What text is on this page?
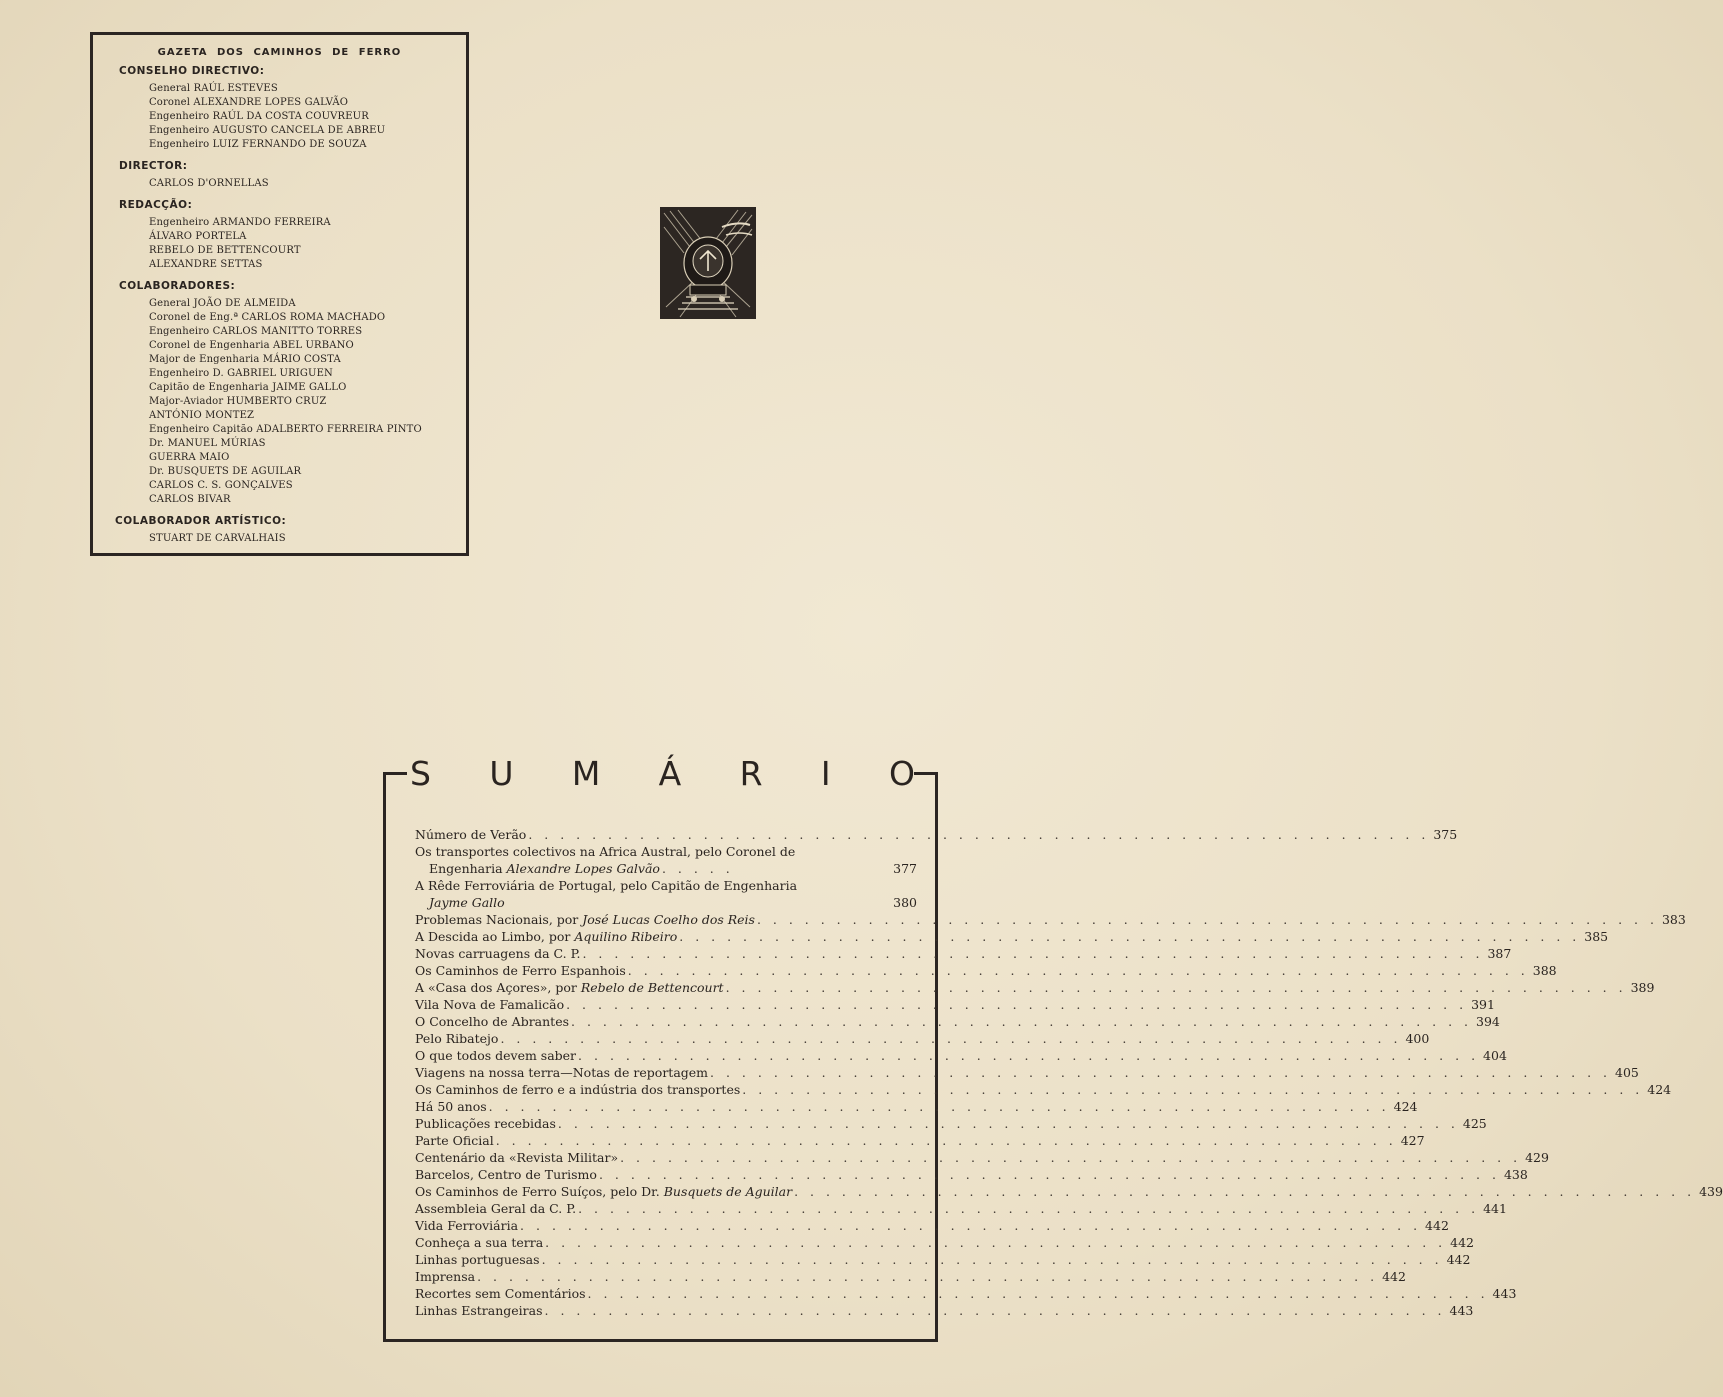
GAZETA DOS CAMINHOS DE FERRO
CONSELHO DIRECTIVO:
General RAÚL ESTEVES
Coronel ALEXANDRE LOPES GALVÃO
Engenheiro RAÚL DA COSTA COUVREUR
Engenheiro AUGUSTO CANCELA DE ABREU
Engenheiro LUIZ FERNANDO DE SOUZA
DIRECTOR:
CARLOS D'ORNELLAS
REDACÇÃO:
Engenheiro ARMANDO FERREIRA
ÁLVARO PORTELA
REBELO DE BETTENCOURT
ALEXANDRE SETTAS
COLABORADORES:
General JOÃO DE ALMEIDA
Coronel de Eng.ª CARLOS ROMA MACHADO
Engenheiro CARLOS MANITTO TORRES
Coronel de Engenharia ABEL URBANO
Major de Engenharia MÁRIO COSTA
Engenheiro D. GABRIEL URIGUEN
Capitão de Engenharia JAIME GALLO
Major-Aviador HUMBERTO CRUZ
ANTÓNIO MONTEZ
Engenheiro Capitão ADALBERTO FERREIRA PINTO
Dr. MANUEL MÚRIAS
GUERRA MAIO
Dr. BUSQUETS DE AGUILAR
CARLOS C. S. GONÇALVES
CARLOS BIVAR
COLABORADOR ARTÍSTICO:
STUART DE CARVALHAIS
S U M Á R I O
Número de Verão . . . . . . . . . . . . . . . . . . . . . . . . . . . . . . . . . . . . . . . . . . . . . . . . . . . . . . . . . 375
Os transportes colectivos na Africa Austral, pelo Coronel de
Engenharia Alexandre Lopes Galvão . . . . .	377
A Rêde Ferroviária de Portugal, pelo Capitão de Engenharia
Jayme Gallo	380
Problemas Nacionais, por José Lucas Coelho dos Reis . . . . . . . . . . . . . . . . . . . . . . . . . . . . . . . . . . . . . . . . . . . . . . . . . . . . . . . . . 383
A Descida ao Limbo, por Aquilino Ribeiro . . . . . . . . . . . . . . . . . . . . . . . . . . . . . . . . . . . . . . . . . . . . . . . . . . . . . . . . . 385
Novas carruagens da C. P. . . . . . . . . . . . . . . . . . . . . . . . . . . . . . . . . . . . . . . . . . . . . . . . . . . . . . . . . . 387
Os Caminhos de Ferro Espanhois . . . . . . . . . . . . . . . . . . . . . . . . . . . . . . . . . . . . . . . . . . . . . . . . . . . . . . . . . 388
A «Casa dos Açores», por Rebelo de Bettencourt . . . . . . . . . . . . . . . . . . . . . . . . . . . . . . . . . . . . . . . . . . . . . . . . . . . . . . . . . 389
Vila Nova de Famalicão . . . . . . . . . . . . . . . . . . . . . . . . . . . . . . . . . . . . . . . . . . . . . . . . . . . . . . . . . 391
O Concelho de Abrantes . . . . . . . . . . . . . . . . . . . . . . . . . . . . . . . . . . . . . . . . . . . . . . . . . . . . . . . . . 394
Pelo Ribatejo . . . . . . . . . . . . . . . . . . . . . . . . . . . . . . . . . . . . . . . . . . . . . . . . . . . . . . . . . 400
O que todos devem saber . . . . . . . . . . . . . . . . . . . . . . . . . . . . . . . . . . . . . . . . . . . . . . . . . . . . . . . . . 404
Viagens na nossa terra—Notas de reportagem . . . . . . . . . . . . . . . . . . . . . . . . . . . . . . . . . . . . . . . . . . . . . . . . . . . . . . . . . 405
Os Caminhos de ferro e a indústria dos transportes . . . . . . . . . . . . . . . . . . . . . . . . . . . . . . . . . . . . . . . . . . . . . . . . . . . . . . . . . 424
Há 50 anos . . . . . . . . . . . . . . . . . . . . . . . . . . . . . . . . . . . . . . . . . . . . . . . . . . . . . . . . . 424
Publicações recebidas . . . . . . . . . . . . . . . . . . . . . . . . . . . . . . . . . . . . . . . . . . . . . . . . . . . . . . . . . 425
Parte Oficial . . . . . . . . . . . . . . . . . . . . . . . . . . . . . . . . . . . . . . . . . . . . . . . . . . . . . . . . . 427
Centenário da «Revista Militar» . . . . . . . . . . . . . . . . . . . . . . . . . . . . . . . . . . . . . . . . . . . . . . . . . . . . . . . . . 429
Barcelos, Centro de Turismo . . . . . . . . . . . . . . . . . . . . . . . . . . . . . . . . . . . . . . . . . . . . . . . . . . . . . . . . . 438
Os Caminhos de Ferro Suíços, pelo Dr. Busquets de Aguilar . . . . . . . . . . . . . . . . . . . . . . . . . . . . . . . . . . . . . . . . . . . . . . . . . . . . . . . . . 439
Assembleia Geral da C. P. . . . . . . . . . . . . . . . . . . . . . . . . . . . . . . . . . . . . . . . . . . . . . . . . . . . . . . . . . 441
Vida Ferroviária . . . . . . . . . . . . . . . . . . . . . . . . . . . . . . . . . . . . . . . . . . . . . . . . . . . . . . . . . 442
Conheça a sua terra . . . . . . . . . . . . . . . . . . . . . . . . . . . . . . . . . . . . . . . . . . . . . . . . . . . . . . . . . 442
Linhas portuguesas . . . . . . . . . . . . . . . . . . . . . . . . . . . . . . . . . . . . . . . . . . . . . . . . . . . . . . . . . 442
Imprensa . . . . . . . . . . . . . . . . . . . . . . . . . . . . . . . . . . . . . . . . . . . . . . . . . . . . . . . . . 442
Recortes sem Comentários . . . . . . . . . . . . . . . . . . . . . . . . . . . . . . . . . . . . . . . . . . . . . . . . . . . . . . . . . 443
Linhas Estrangeiras . . . . . . . . . . . . . . . . . . . . . . . . . . . . . . . . . . . . . . . . . . . . . . . . . . . . . . . . . 443
